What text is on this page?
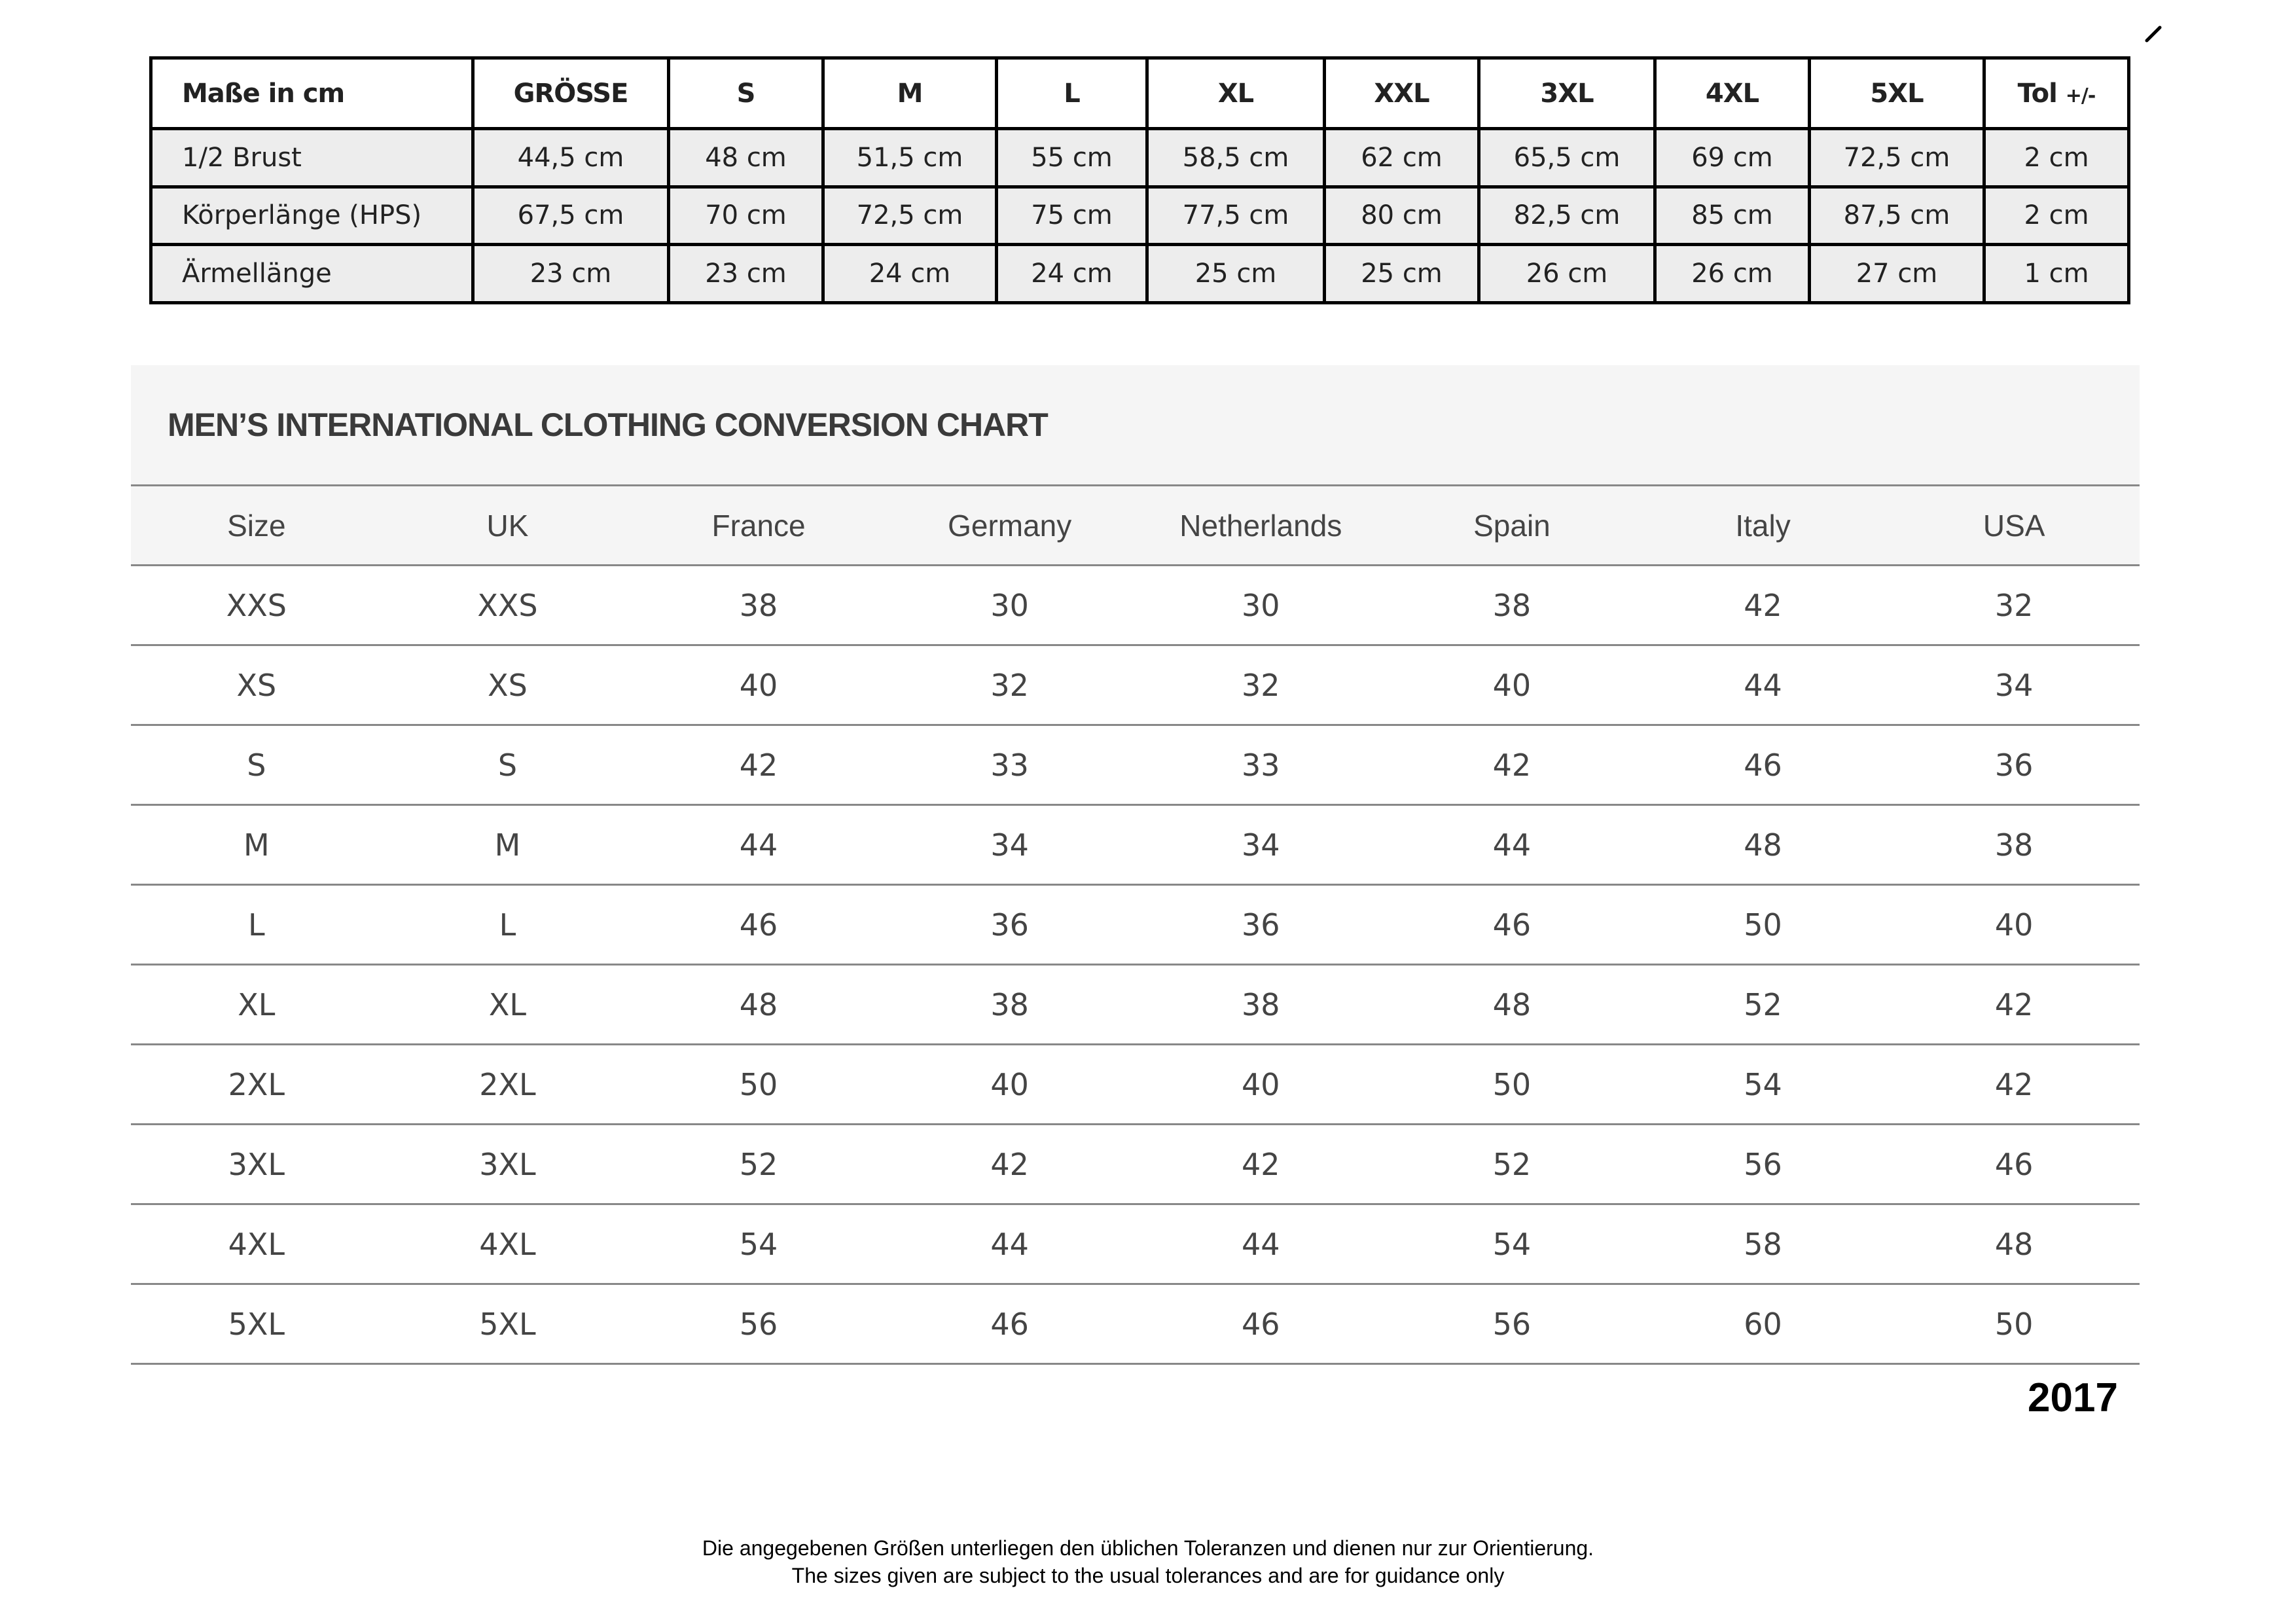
Maße in cm	GRÖSSE	S	M	L	XL	XXL	3XL	4XL	5XL	Tol +/-
1/2 Brust	44,5 cm	48 cm	51,5 cm	55 cm	58,5 cm	62 cm	65,5 cm	69 cm	72,5 cm	2 cm
Körperlänge (HPS)	67,5 cm	70 cm	72,5 cm	75 cm	77,5 cm	80 cm	82,5 cm	85 cm	87,5 cm	2 cm
Ärmellänge	23 cm	23 cm	24 cm	24 cm	25 cm	25 cm	26 cm	26 cm	27 cm	1 cm
MEN’S INTERNATIONAL CLOTHING CONVERSION CHART
Size	UK	France	Germany	Netherlands	Spain	Italy	USA
XXS	XXS	38	30	30	38	42	32
XS	XS	40	32	32	40	44	34
S	S	42	33	33	42	46	36
M	M	44	34	34	44	48	38
L	L	46	36	36	46	50	40
XL	XL	48	38	38	48	52	42
2XL	2XL	50	40	40	50	54	42
3XL	3XL	52	42	42	52	56	46
4XL	4XL	54	44	44	54	58	48
5XL	5XL	56	46	46	56	60	50
2017
Die angegebenen Größen unterliegen den üblichen Toleranzen und dienen nur zur Orientierung.
The sizes given are subject to the usual tolerances and are for guidance only
